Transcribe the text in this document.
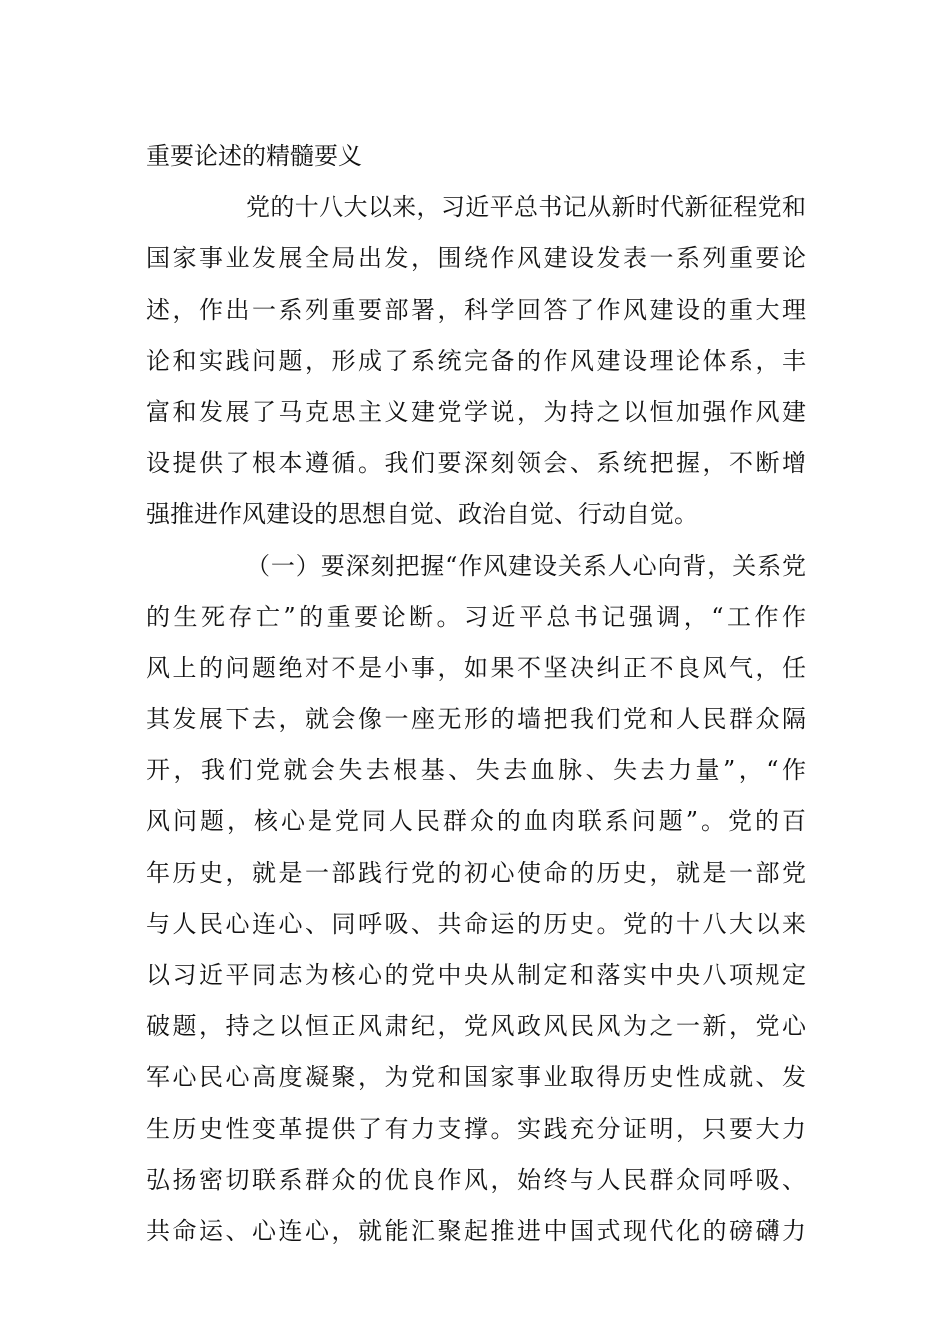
重要论述的精髓要义
党的十八大以来，习近平总书记从新时代新征程党和
国家事业发展全局出发，围绕作风建设发表一系列重要论
述，作出一系列重要部署，科学回答了作风建设的重大理
论和实践问题，形成了系统完备的作风建设理论体系，丰
富和发展了马克思主义建党学说，为持之以恒加强作风建
设提供了根本遵循。我们要深刻领会、系统把握，不断增
强推进作风建设的思想自觉、政治自觉、行动自觉。
（一）要深刻把握“作风建设关系人心向背，关系党
的生死存亡”的重要论断。习近平总书记强调，“工作作
风上的问题绝对不是小事，如果不坚决纠正不良风气，任
其发展下去，就会像一座无形的墙把我们党和人民群众隔
开，我们党就会失去根基、失去血脉、失去力量”，“作
风问题，核心是党同人民群众的血肉联系问题”。党的百
年历史，就是一部践行党的初心使命的历史，就是一部党
与人民心连心、同呼吸、共命运的历史。党的十八大以来
以习近平同志为核心的党中央从制定和落实中央八项规定
破题，持之以恒正风肃纪，党风政风民风为之一新，党心
军心民心高度凝聚，为党和国家事业取得历史性成就、发
生历史性变革提供了有力支撑。实践充分证明，只要大力
弘扬密切联系群众的优良作风，始终与人民群众同呼吸、
共命运、心连心，就能汇聚起推进中国式现代化的磅礴力
